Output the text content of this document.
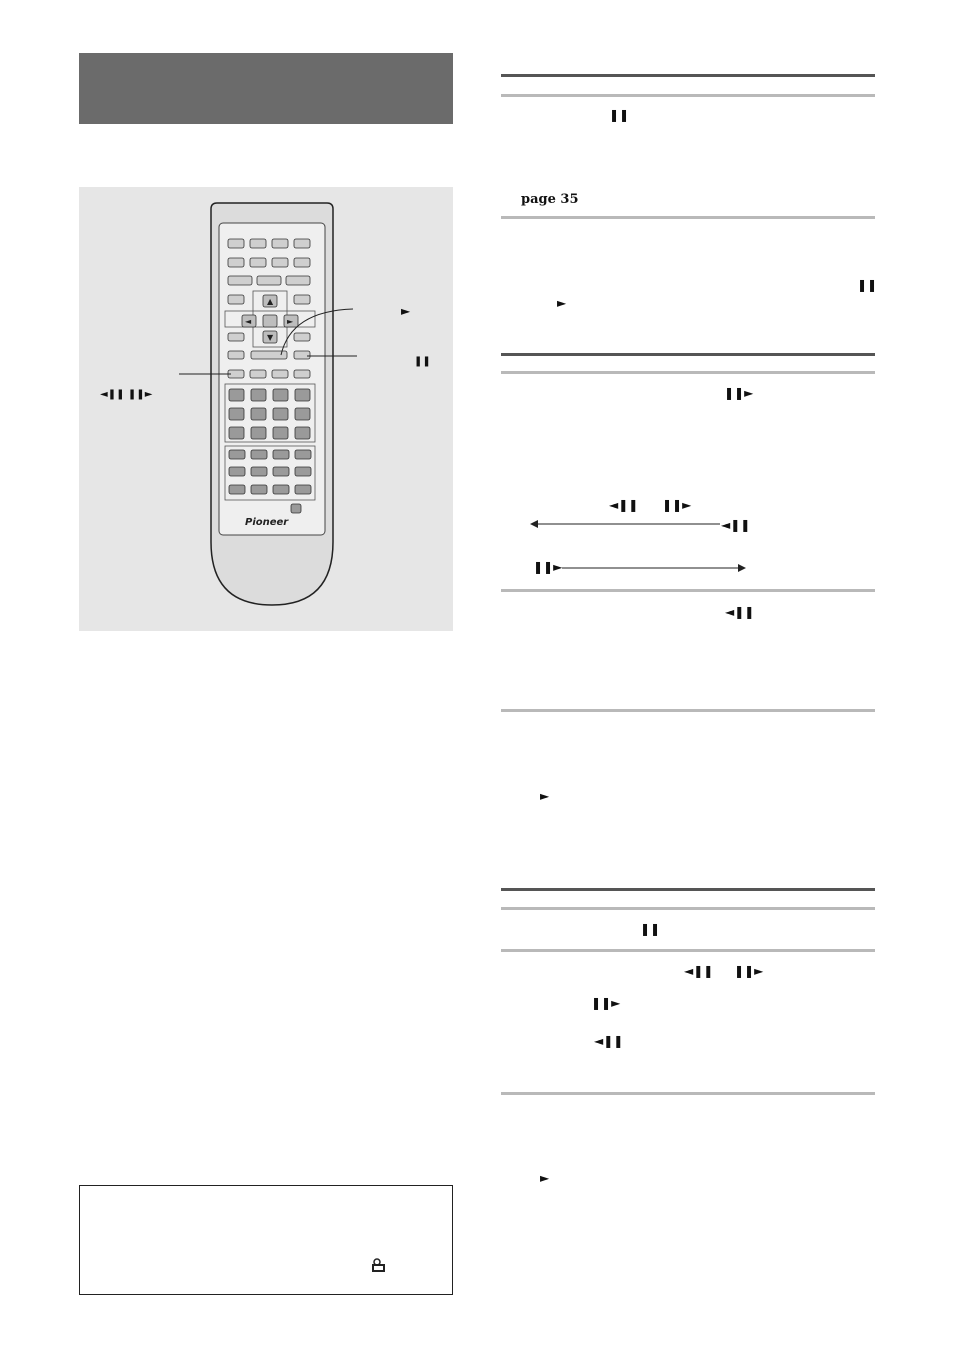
▲
▼
◄	►
Pioneer
►
❚❚
◄❚❚ ❚❚►
❚❚
page 35
❚❚
►
❚❚►
◄❚❚ ❚❚►
◄❚❚
❚❚►
◄❚❚
►
❚❚
◄❚❚ ❚❚►
❚❚►
◄❚❚
►
